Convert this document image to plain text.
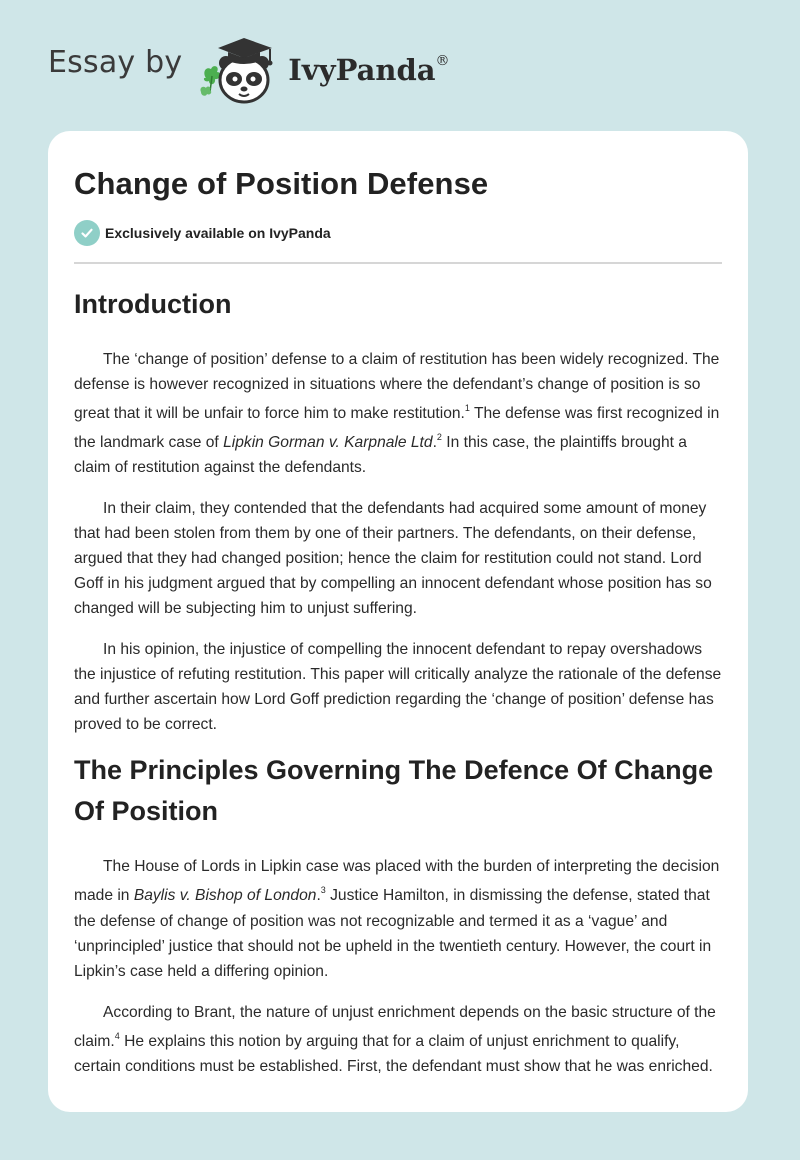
Essay by	IvyPanda®
Change of Position Defense
Exclusively available on IvyPanda
Introduction

The ‘change of position’ defense to a claim of restitution has been widely recognized. The defense is however recognized in situations where the defendant’s change of position is so great that it will be unfair to force him to make restitution.$^1$ The defense was first recognized in the landmark case of Lipkin Gorman v. Karpnale Ltd.$^2$ In this case, the plaintiffs brought a claim of restitution against the defendants.

In their claim, they contended that the defendants had acquired some amount of money that had been stolen from them by one of their partners. The defendants, on their defense, argued that they had changed position; hence the claim for restitution could not stand. Lord Goff in his judgment argued that by compelling an innocent defendant whose position has so changed will be subjecting him to unjust suffering.

In his opinion, the injustice of compelling the innocent defendant to repay overshadows the injustice of refuting restitution. This paper will critically analyze the rationale of the defense and further ascertain how Lord Goff prediction regarding the ‘change of position’ defense has proved to be correct.

The Principles Governing The Defence Of Change Of Position

The House of Lords in Lipkin case was placed with the burden of interpreting the decision made in Baylis v. Bishop of London.$^3$ Justice Hamilton, in dismissing the defense, stated that the defense of change of position was not recognizable and termed it as a ‘vague’ and ‘unprincipled’ justice that should not be upheld in the twentieth century. However, the court in Lipkin’s case held a differing opinion.

According to Brant, the nature of unjust enrichment depends on the basic structure of the claim.$^4$ He explains this notion by arguing that for a claim of unjust enrichment to qualify, certain conditions must be established. First, the defendant must show that he was enriched.
